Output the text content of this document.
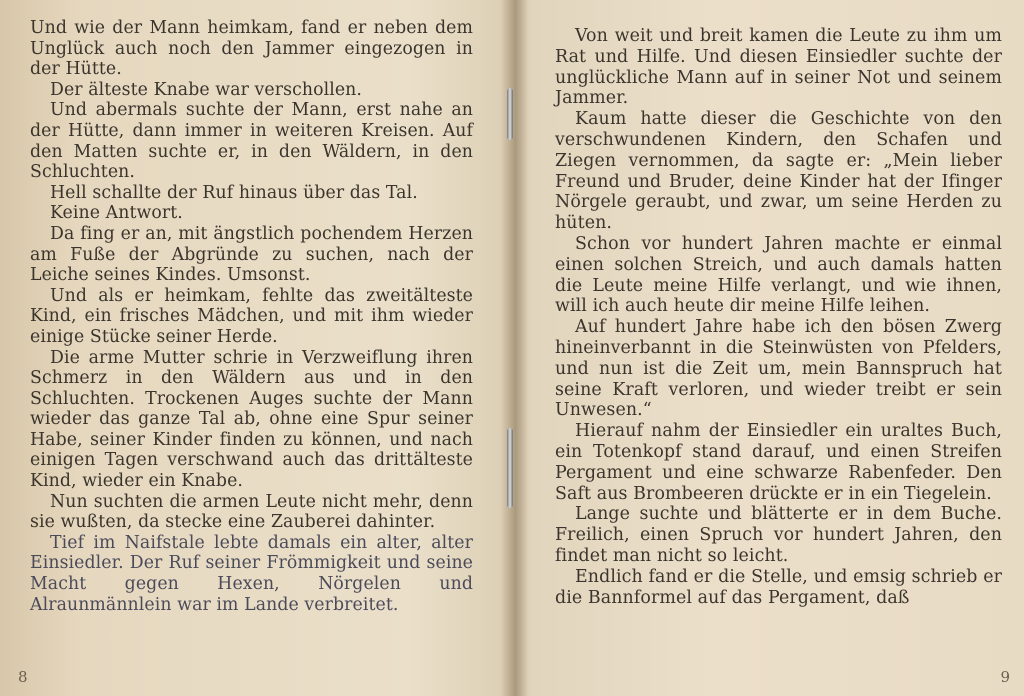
Und wie der Mann heimkam, fand er neben dem Unglück auch noch den Jammer eingezogen in der Hütte.

Der älteste Knabe war verschollen.

Und abermals suchte der Mann, erst nahe an der Hütte, dann immer in weiteren Kreisen. Auf den Matten suchte er, in den Wäldern, in den Schluchten.

Hell schallte der Ruf hinaus über das Tal.

Keine Antwort.

Da fing er an, mit ängstlich pochendem Herzen am Fuße der Abgründe zu suchen, nach der Leiche seines Kindes. Umsonst.

Und als er heimkam, fehlte das zweitälteste Kind, ein frisches Mädchen, und mit ihm wieder einige Stücke seiner Herde.

Die arme Mutter schrie in Verzweiflung ihren Schmerz in den Wäldern aus und in den Schluchten. Trockenen Auges suchte der Mann wieder das ganze Tal ab, ohne eine Spur seiner Habe, seiner Kinder finden zu können, und nach einigen Tagen verschwand auch das drittälteste Kind, wieder ein Knabe.

Nun suchten die armen Leute nicht mehr, denn sie wußten, da stecke eine Zauberei dahinter.

Tief im Naifstale lebte damals ein alter, alter Einsiedler. Der Ruf seiner Frömmigkeit und seine Macht gegen Hexen, Nörgelen und Alraunmännlein war im Lande verbreitet.

8

Von weit und breit kamen die Leute zu ihm um Rat und Hilfe. Und diesen Einsiedler suchte der unglückliche Mann auf in seiner Not und seinem Jammer.

Kaum hatte dieser die Geschichte von den verschwundenen Kindern, den Schafen und Ziegen vernommen, da sagte er: „Mein lieber Freund und Bruder, deine Kinder hat der Ifinger Nörgele geraubt, und zwar, um seine Herden zu hüten.

Schon vor hundert Jahren machte er einmal einen solchen Streich, und auch damals hatten die Leute meine Hilfe verlangt, und wie ihnen, will ich auch heute dir meine Hilfe leihen.

Auf hundert Jahre habe ich den bösen Zwerg hineinverbannt in die Steinwüsten von Pfelders, und nun ist die Zeit um, mein Bannspruch hat seine Kraft verloren, und wieder treibt er sein Unwesen.“

Hierauf nahm der Einsiedler ein uraltes Buch, ein Totenkopf stand darauf, und einen Streifen Pergament und eine schwarze Rabenfeder. Den Saft aus Brombeeren drückte er in ein Tiegelein.

Lange suchte und blätterte er in dem Buche. Freilich, einen Spruch vor hundert Jahren, den findet man nicht so leicht.

Endlich fand er die Stelle, und emsig schrieb er die Bannformel auf das Pergament, daß

9
